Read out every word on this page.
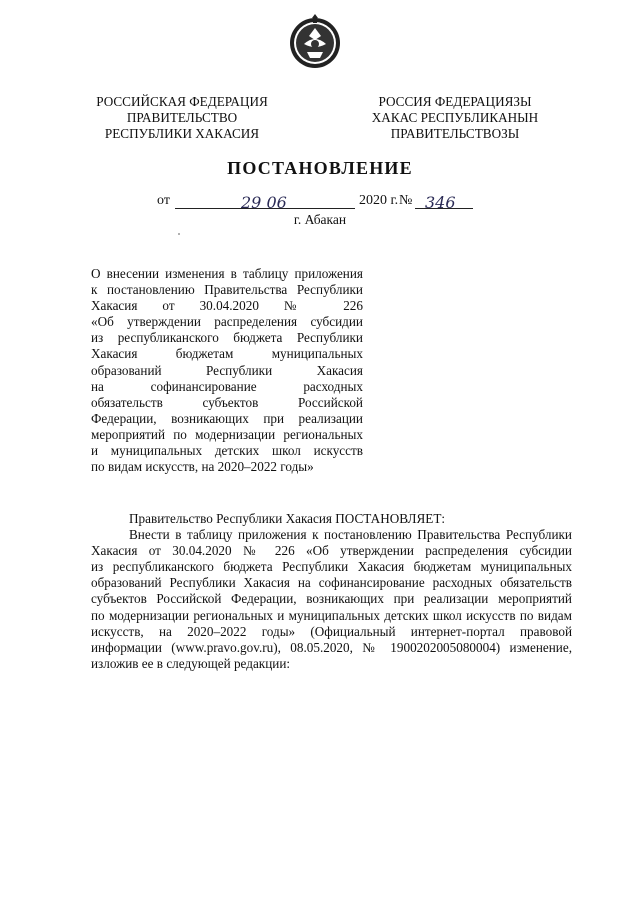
РОССИЙСКАЯ ФЕДЕРАЦИЯ
ПРАВИТЕЛЬСТВО
РЕСПУБЛИКИ ХАКАСИЯ
РОССИЯ ФЕДЕРАЦИЯЗЫ
ХАКАС РЕСПУБЛИКАНЫН
ПРАВИТЕЛЬСТВОЗЫ
ПОСТАНОВЛЕНИЕ
от	29 06	2020 г. № 346
г. Абакан
О внесении изменения в таблицу приложения
к постановлению Правительства Республики
Хакасия от 30.04.2020 № 226
«Об утверждении распределения субсидии
из республиканского бюджета Республики
Хакасия бюджетам муниципальных
образований Республики Хакасия
на софинансирование расходных
обязательств субъектов Российской
Федерации, возникающих при реализации
мероприятий по модернизации региональных
и муниципальных детских школ искусств
по видам искусств, на 2020–2022 годы»
Правительство Республики Хакасия ПОСТАНОВЛЯЕТ:
Внести в таблицу приложения к постановлению Правительства Республики
Хакасия от 30.04.2020 № 226 «Об утверждении распределения субсидии
из республиканского бюджета Республики Хакасия бюджетам муниципальных
образований Республики Хакасия на софинансирование расходных обязательств
субъектов Российской Федерации, возникающих при реализации мероприятий
по модернизации региональных и муниципальных детских школ искусств по видам
искусств, на 2020–2022 годы» (Официальный интернет-портал правовой
информации (www.pravo.gov.ru), 08.05.2020, № 1900202005080004) изменение,
изложив ее в следующей редакции:
